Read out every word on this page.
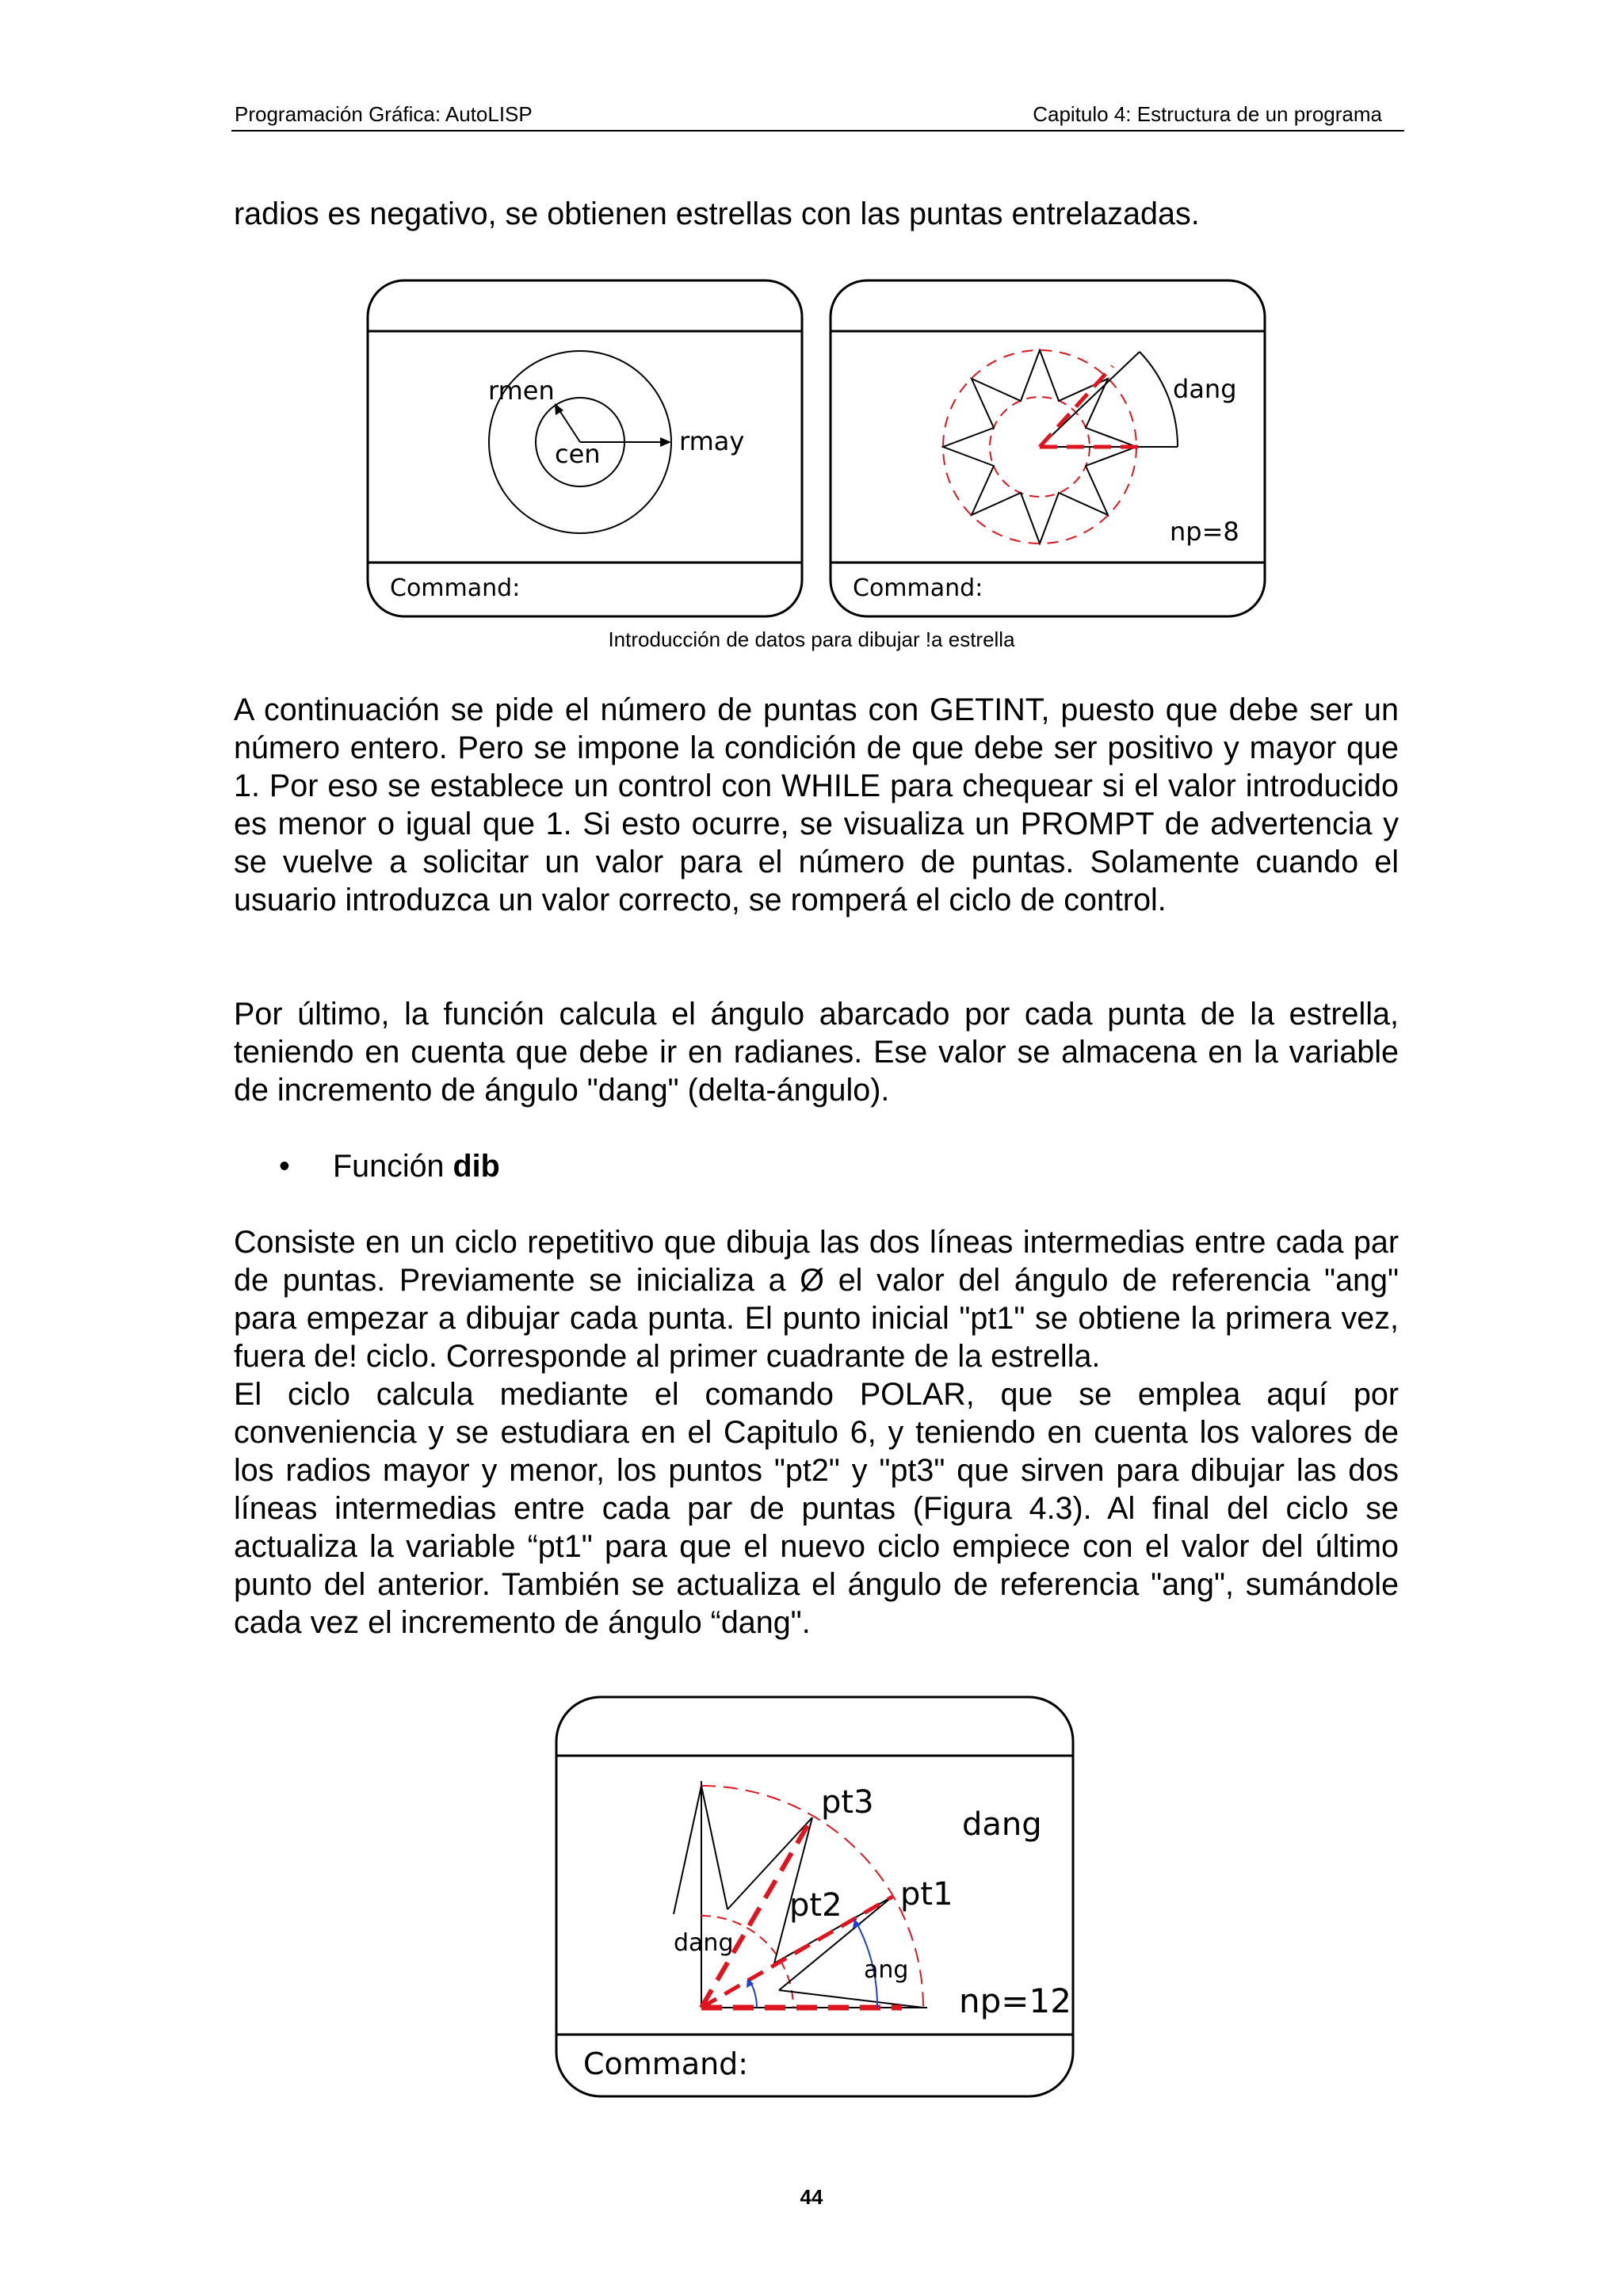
Programación Gráfica: AutoLISP	Capitulo 4: Estructura de un programa

radios es negativo, se obtienen estrellas con las puntas entrelazadas.

rmen
cen	rmay
Command:
dang
np=8
Command:
Introducción de datos para dibujar !a estrella

A continuación se pide el número de puntas con GETINT, puesto que debe ser un número entero. Pero se impone la condición de que debe ser positivo y mayor que 1. Por eso se establece un control con WHILE para chequear si el valor introducido es menor o igual que 1. Si esto ocurre, se visualiza un PROMPT de advertencia y se vuelve a solicitar un valor para el número de puntas. Solamente cuando el usuario introduzca un valor correcto, se romperá el ciclo de control.

Por último, la función calcula el ángulo abarcado por cada punta de la estrella, teniendo en cuenta que debe ir en radianes. Ese valor se almacena en la variable de incremento de ángulo "dang" (delta-ángulo).

• Función dib

Consiste en un ciclo repetitivo que dibuja las dos líneas intermedias entre cada par de puntas. Previamente se inicializa a Ø el valor del ángulo de referencia "ang" para empezar a dibujar cada punta. El punto inicial "pt1" se obtiene la primera vez, fuera de! ciclo. Corresponde al primer cuadrante de la estrella.

El ciclo calcula mediante el comando POLAR, que se emplea aquí por conveniencia y se estudiara en el Capitulo 6, y teniendo en cuenta los valores de los radios mayor y menor, los puntos "pt2" y "pt3" que sirven para dibujar las dos líneas intermedias entre cada par de puntas (Figura 4.3). Al final del ciclo se actualiza la variable “pt1" para que el nuevo ciclo empiece con el valor del último punto del anterior. También se actualiza el ángulo de referencia "ang", sumándole cada vez el incremento de ángulo “dang".

pt3
dang
pt2 pt1
dang
ang
np=12
Command:
44
